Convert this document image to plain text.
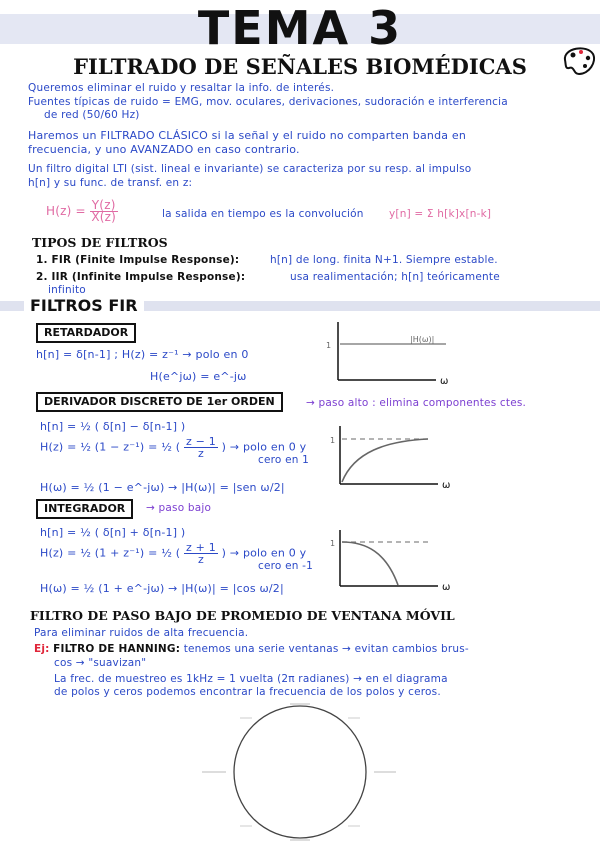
TEMA 3
FILTRADO DE SEÑALES BIOMÉDICAS
Queremos eliminar el ruido y resaltar la info. de interés.
Fuentes típicas de ruido = EMG, mov. oculares, derivaciones, sudoración e interferencia
de red (50/60 Hz)
Haremos un FILTRADO CLÁSICO si la señal y el ruido no comparten banda en
frecuencia, y uno AVANZADO en caso contrario.
Un filtro digital LTI (sist. lineal e invariante) se caracteriza por su resp. al impulso
h[n] y su func. de transf. en z:
$H(z) = \frac{Y(z)}{X(z)}$	la salida en tiempo es la convolución y[n] = Σ h[k]x[n-k]
TIPOS DE FILTROS
1. FIR (Finite Impulse Response):	h[n] de long. finita N+1. Siempre estable.
2. IIR (Infinite Impulse Response):	usa realimentación; h[n] teóricamente
infinito
FILTROS FIR
RETARDADOR
h[n] = δ[n-1] ; H(z) = z⁻¹ → polo en 0
H(e^jω) = e^-jω
1
|H(ω)|
ω
DERIVADOR DISCRETO DE 1er ORDEN	→ paso alto : elimina componentes ctes.
h[n] = ½ ( δ[n] − δ[n-1] )
H(z) = ½ (1 − z⁻¹) = ½ ( $\frac{z - 1}{z}$ ) → polo en 0 y
cero en 1
H(ω) = ½ (1 − e^-jω) → |H(ω)| = |sen ω/2|
1
ω
INTEGRADOR	→ paso bajo
h[n] = ½ ( δ[n] + δ[n-1] )
H(z) = ½ (1 + z⁻¹) = ½ ( $\frac{z + 1}{z}$ ) → polo en 0 y
cero en -1
H(ω) = ½ (1 + e^-jω) → |H(ω)| = |cos ω/2|
1
ω
FILTRO DE PASO BAJO DE PROMEDIO DE VENTANA MÓVIL
Para eliminar ruidos de alta frecuencia.
Ej: FILTRO DE HANNING: tenemos una serie ventanas → evitan cambios brus-
cos → "suavizan"
La frec. de muestreo es 1kHz = 1 vuelta (2π radianes) → en el diagrama
de polos y ceros podemos encontrar la frecuencia de los polos y ceros.
